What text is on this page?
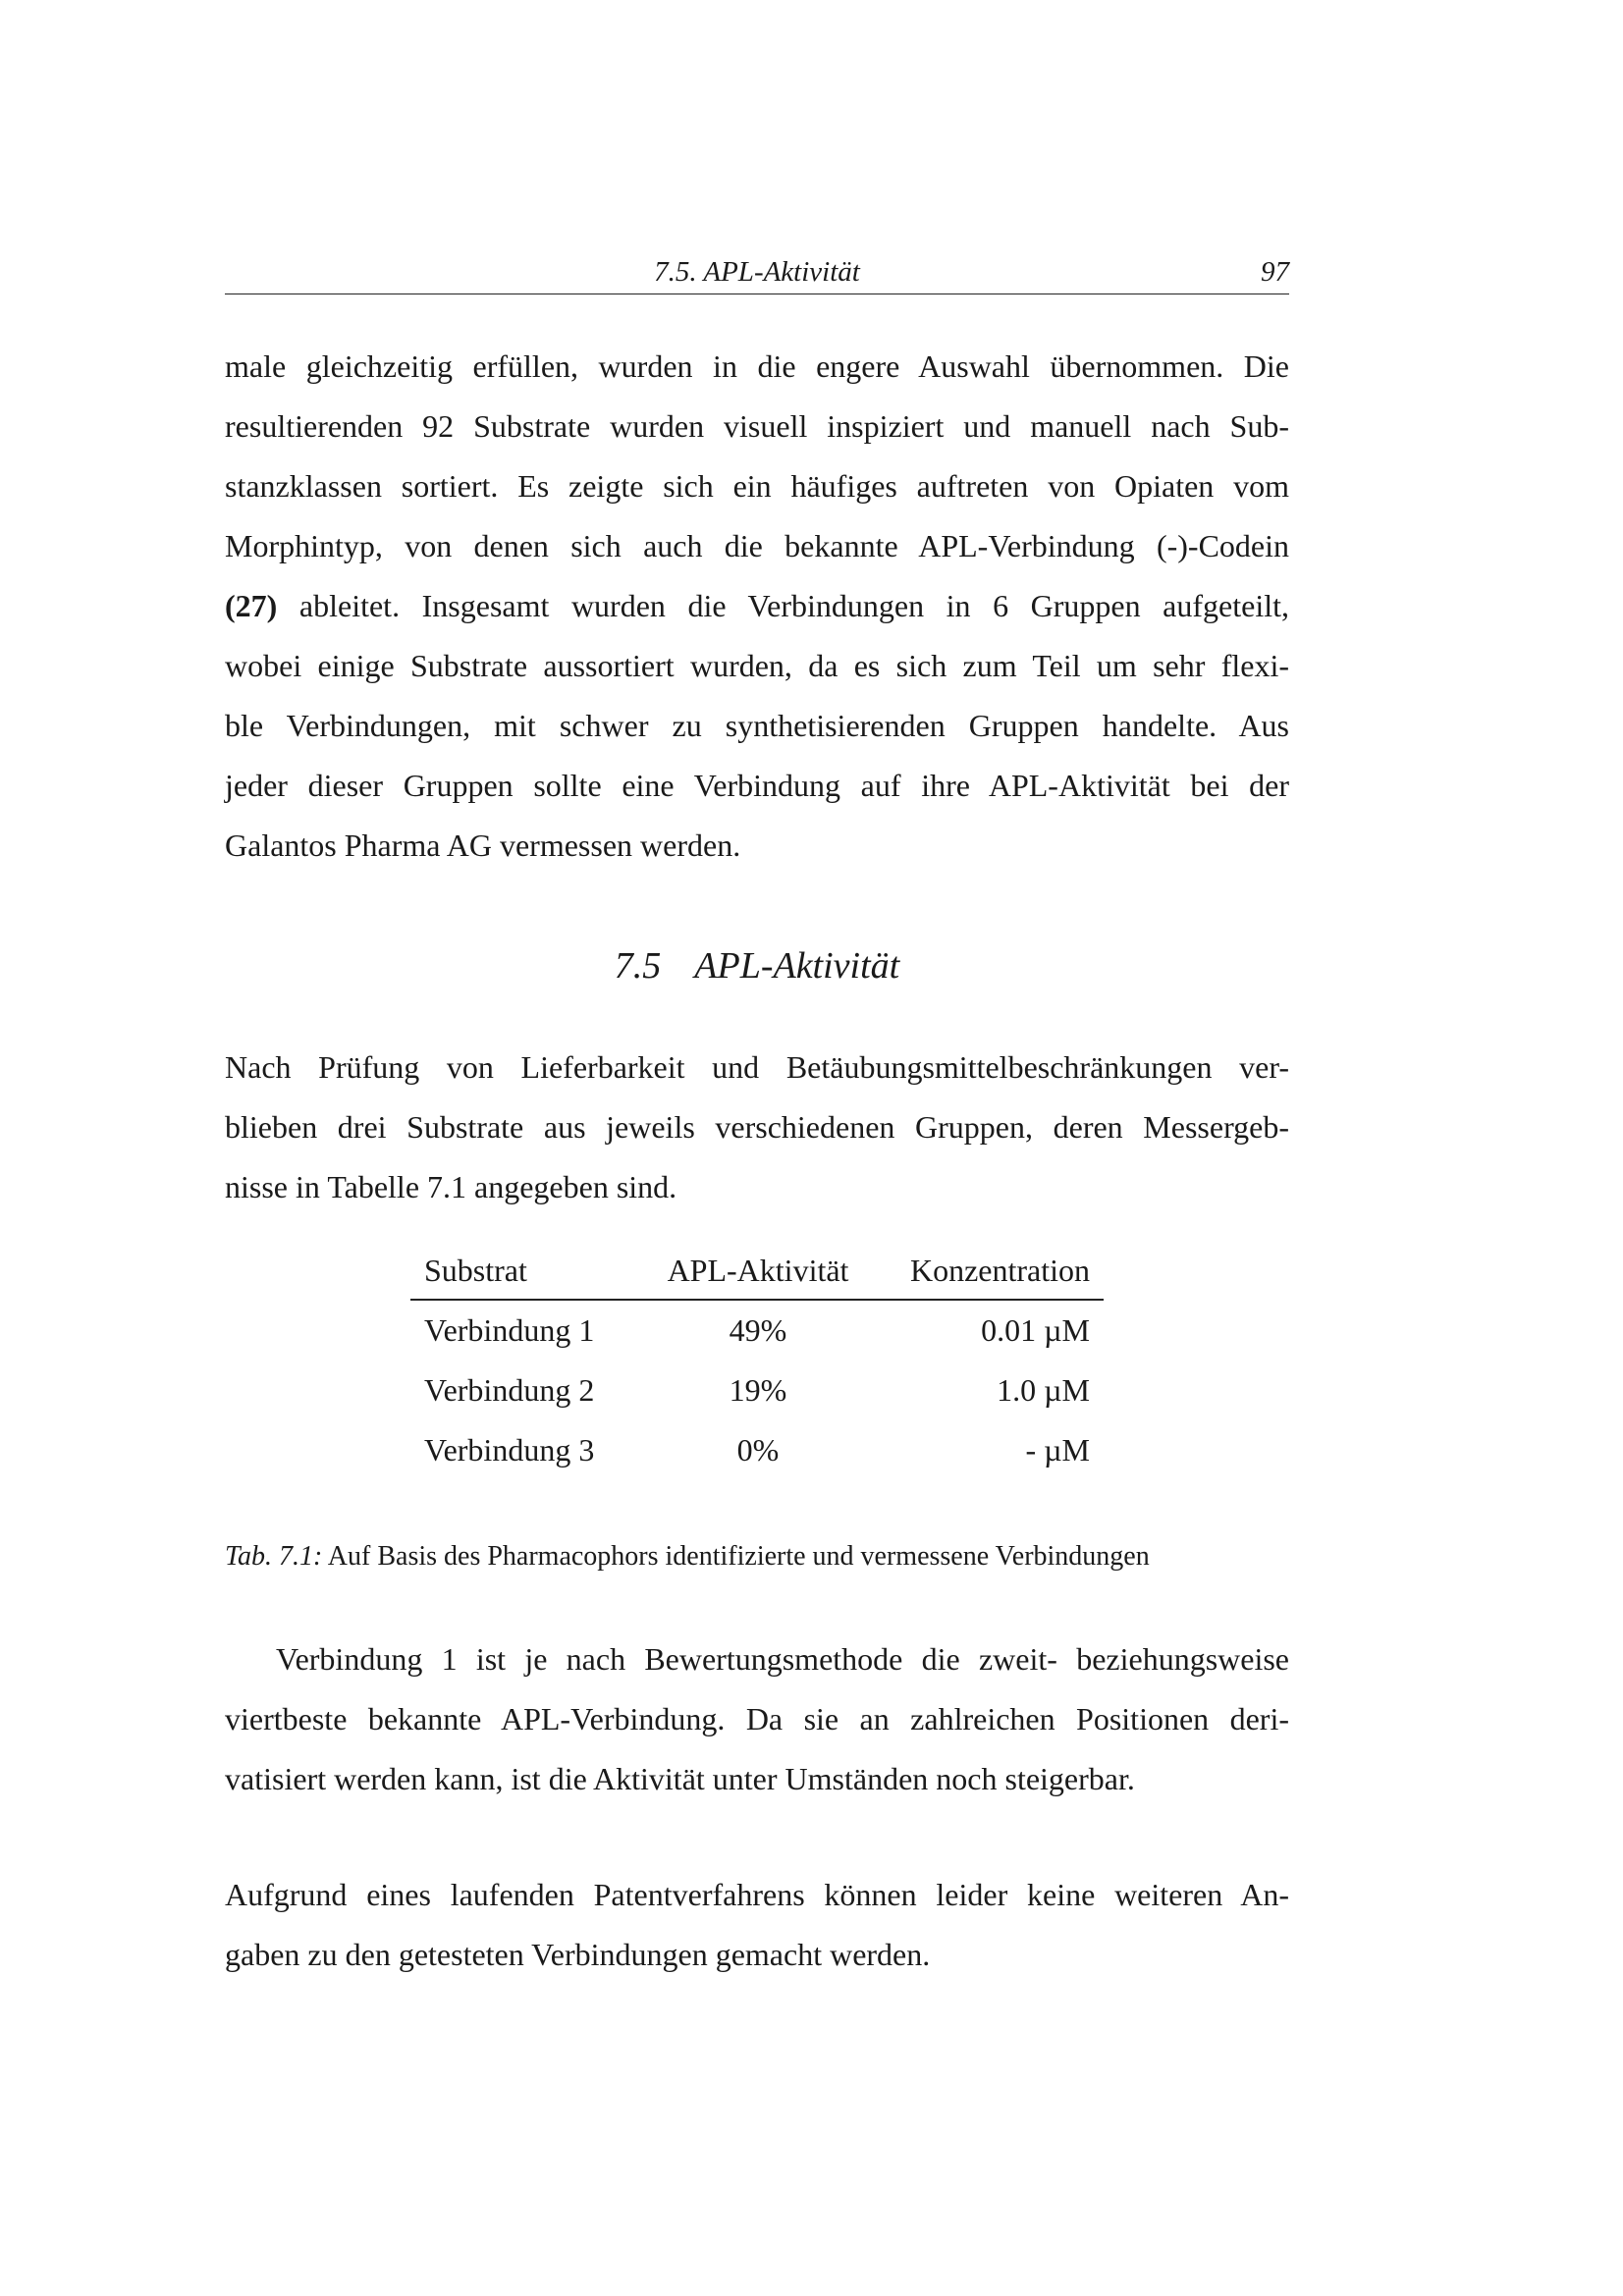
7.5. APL-Aktivität	97

male gleichzeitig erfüllen, wurden in die engere Auswahl übernommen. Die
resultierenden 92 Substrate wurden visuell inspiziert und manuell nach Sub-
stanzklassen sortiert. Es zeigte sich ein häufiges auftreten von Opiaten vom
Morphintyp, von denen sich auch die bekannte APL-Verbindung (-)-Codein
(27) ableitet. Insgesamt wurden die Verbindungen in 6 Gruppen aufgeteilt,
wobei einige Substrate aussortiert wurden, da es sich zum Teil um sehr flexi-
ble Verbindungen, mit schwer zu synthetisierenden Gruppen handelte. Aus
jeder dieser Gruppen sollte eine Verbindung auf ihre APL-Aktivität bei der
Galantos Pharma AG vermessen werden.

7.5 APL-Aktivität

Nach Prüfung von Lieferbarkeit und Betäubungsmittelbeschränkungen ver-
blieben drei Substrate aus jeweils verschiedenen Gruppen, deren Messergeb-
nisse in Tabelle 7.1 angegeben sind.

Substrat	APL-Aktivität	Konzentration
Verbindung 1	49%	0.01 µM
Verbindung 2	19%	1.0 µM
Verbindung 3	0%	- µM
Tab. 7.1: Auf Basis des Pharmacophors identifizierte und vermessene Verbindungen

Verbindung 1 ist je nach Bewertungsmethode die zweit- beziehungsweise
viertbeste bekannte APL-Verbindung. Da sie an zahlreichen Positionen deri-
vatisiert werden kann, ist die Aktivität unter Umständen noch steigerbar.

Aufgrund eines laufenden Patentverfahrens können leider keine weiteren An-
gaben zu den getesteten Verbindungen gemacht werden.
